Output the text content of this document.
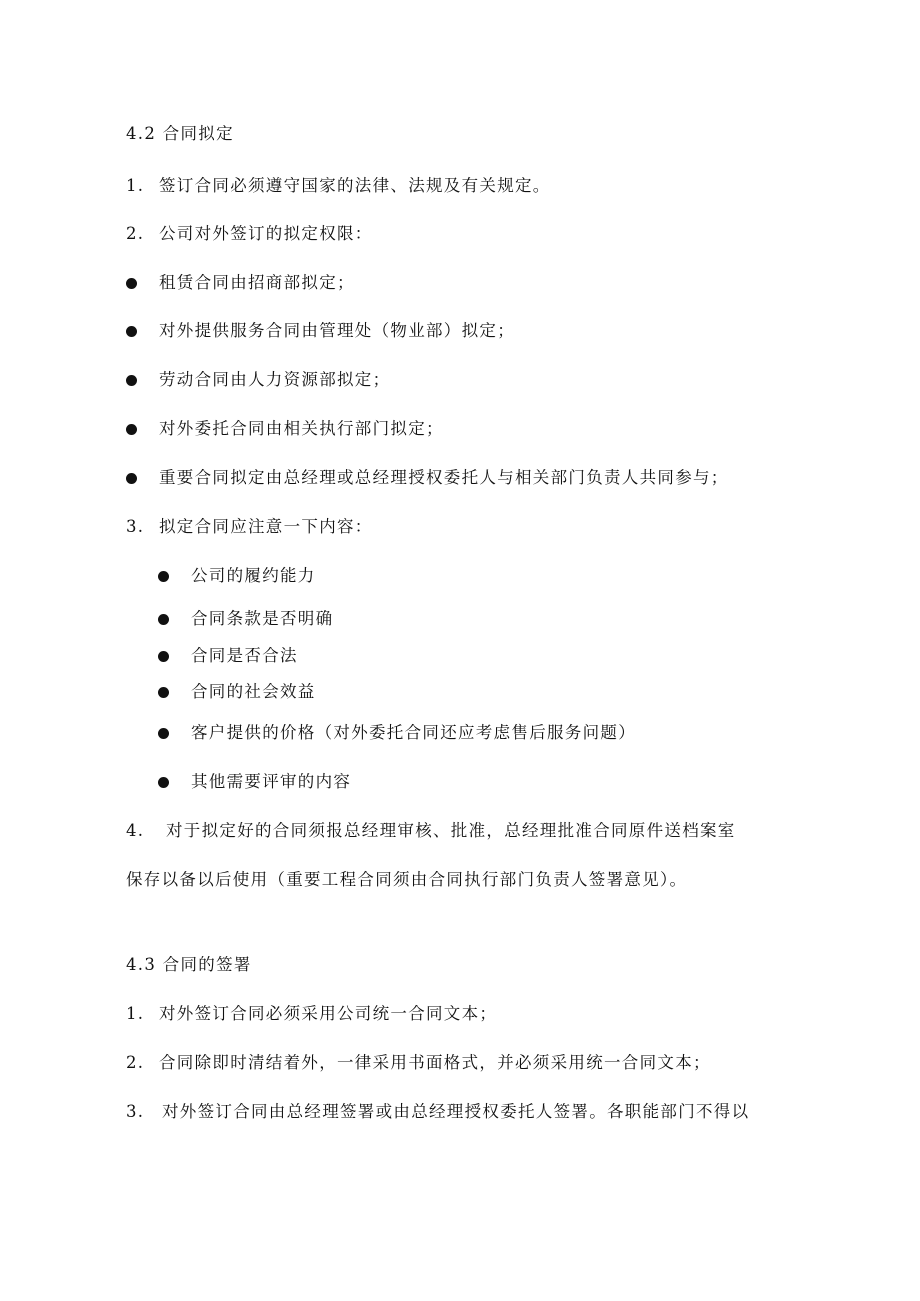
4.2 合同拟定
1. 签订合同必须遵守国家的法律、法规及有关规定。
2. 公司对外签订的拟定权限：
租赁合同由招商部拟定；
对外提供服务合同由管理处（物业部）拟定；
劳动合同由人力资源部拟定；
对外委托合同由相关执行部门拟定；
重要合同拟定由总经理或总经理授权委托人与相关部门负责人共同参与；
3. 拟定合同应注意一下内容：
公司的履约能力
合同条款是否明确
合同是否合法
合同的社会效益
客户提供的价格（对外委托合同还应考虑售后服务问题）
其他需要评审的内容
4. 对于拟定好的合同须报总经理审核、批准，总经理批准合同原件送档案室
保存以备以后使用（重要工程合同须由合同执行部门负责人签署意见）。
4.3 合同的签署
1. 对外签订合同必须采用公司统一合同文本；
2. 合同除即时清结着外，一律采用书面格式，并必须采用统一合同文本；
3. 对外签订合同由总经理签署或由总经理授权委托人签署。各职能部门不得以
